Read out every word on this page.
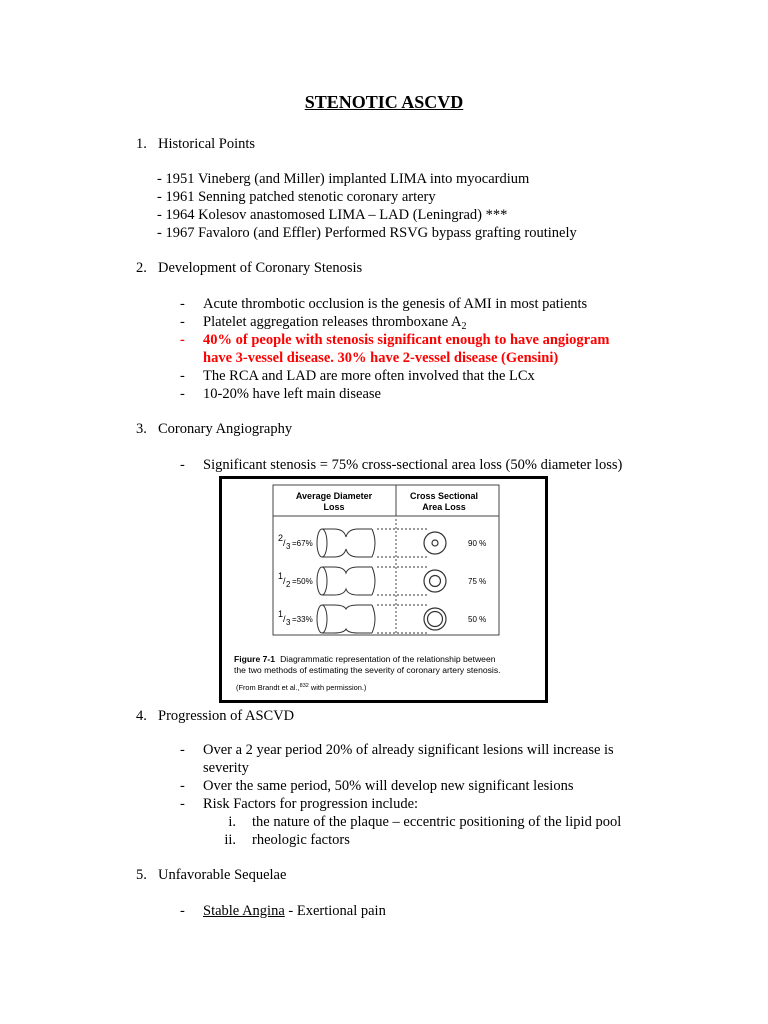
STENOTIC ASCVD
1. Historical Points
- 1951 Vineberg (and Miller) implanted LIMA into myocardium
- 1961 Senning patched stenotic coronary artery
- 1964 Kolesov anastomosed LIMA – LAD (Leningrad) ***
- 1967 Favaloro (and Effler) Performed RSVG bypass grafting routinely
2. Development of Coronary Stenosis
- Acute thrombotic occlusion is the genesis of AMI in most patients
- Platelet aggregation releases thromboxane $A_2$
- 40% of people with stenosis significant enough to have angiogram
have 3-vessel disease. 30% have 2-vessel disease (Gensini)
- The RCA and LAD are more often involved that the LCx
- 10-20% have left main disease
3. Coronary Angiography
- Significant stenosis = 75% cross-sectional area loss (50% diameter loss)
Average Diameter
Loss
Cross Sectional
Area Loss
2 / 3 =67%	90 %
1 / 2 =50%	75 %
1 / 3 =33%	50 %
Figure 7-1 Diagrammatic representation of the relationship between
the two methods of estimating the severity of coronary artery stenosis.
(From Brandt et al.,$^{832}$ with permission.)
4. Progression of ASCVD
- Over a 2 year period 20% of already significant lesions will increase is
severity
- Over the same period, 50% will develop new significant lesions
- Risk Factors for progression include:
i. the nature of the plaque – eccentric positioning of the lipid pool
ii. rheologic factors
5. Unfavorable Sequelae
- Stable Angina - Exertional pain
